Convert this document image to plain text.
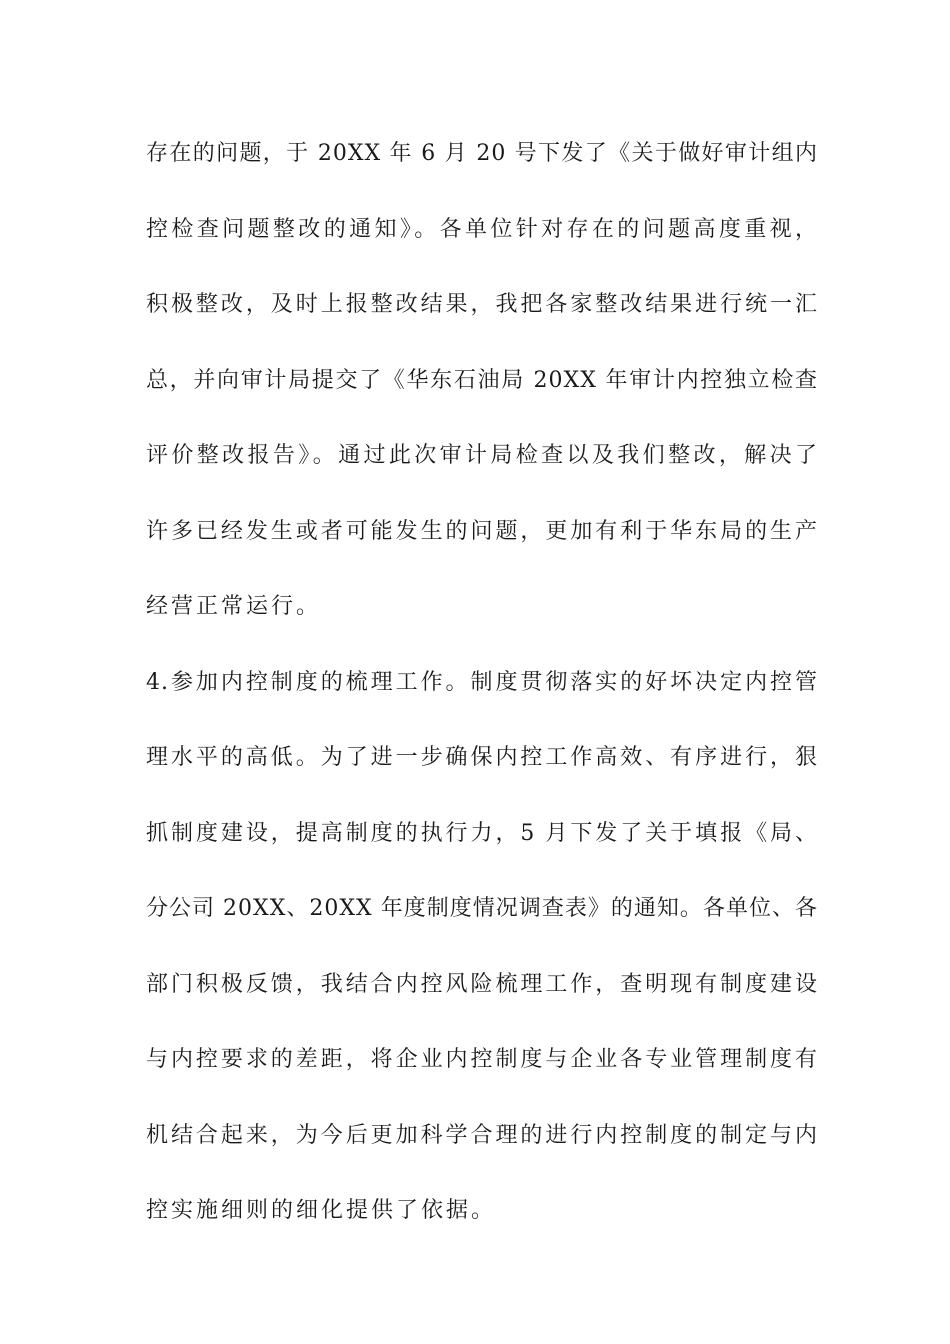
存在的问题，于 20XX 年 6 月 20 号下发了《关于做好审计组内
控检查问题整改的通知》。各单位针对存在的问题高度重视，
积极整改，及时上报整改结果，我把各家整改结果进行统一汇
总，并向审计局提交了《华东石油局 20XX 年审计内控独立检查
评价整改报告》。通过此次审计局检查以及我们整改，解决了
许多已经发生或者可能发生的问题，更加有利于华东局的生产
经营正常运行。
4.参加内控制度的梳理工作。制度贯彻落实的好坏决定内控管
理水平的高低。为了进一步确保内控工作高效、有序进行，狠
抓制度建设，提高制度的执行力，5 月下发了关于填报《局、
分公司 20XX、20XX 年度制度情况调查表》的通知。各单位、各
部门积极反馈，我结合内控风险梳理工作，查明现有制度建设
与内控要求的差距，将企业内控制度与企业各专业管理制度有
机结合起来，为今后更加科学合理的进行内控制度的制定与内
控实施细则的细化提供了依据。
